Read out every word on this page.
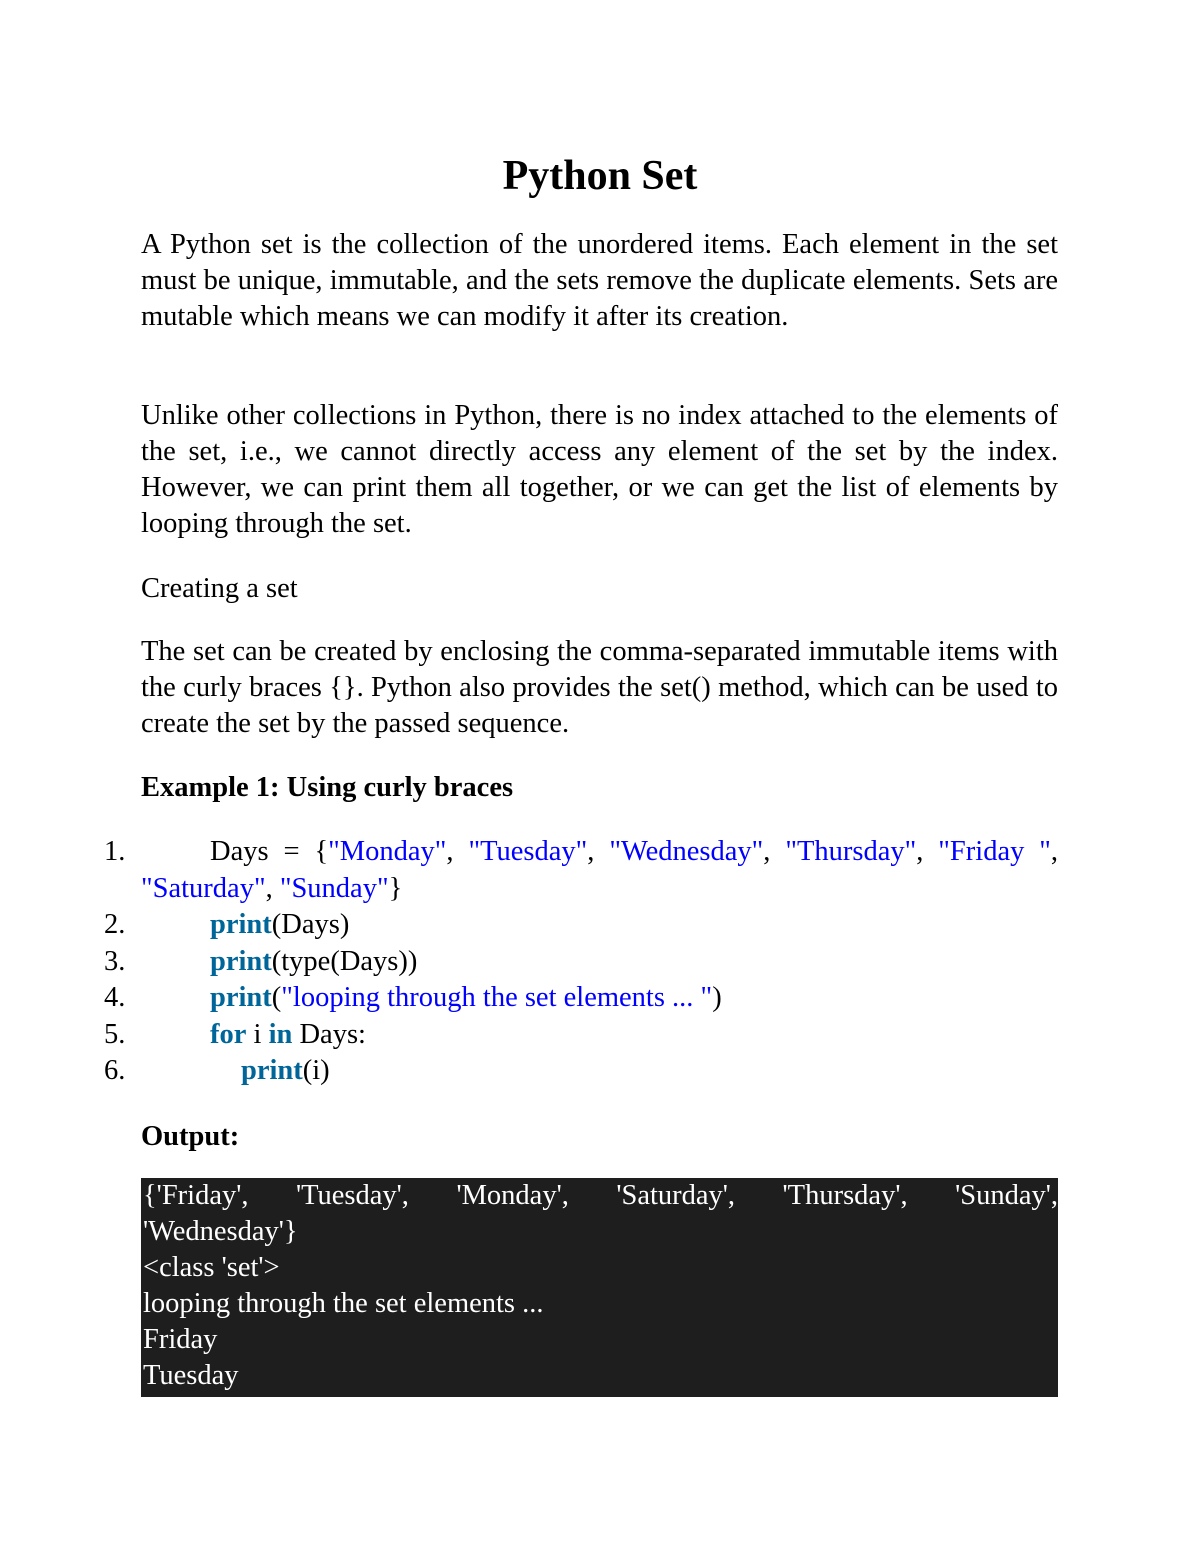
Python Set

A Python set is the collection of the unordered items. Each element in the set must be unique, immutable, and the sets remove the duplicate elements. Sets are mutable which means we can modify it after its creation.

Unlike other collections in Python, there is no index attached to the elements of the set, i.e., we cannot directly access any element of the set by the index. However, we can print them all together, or we can get the list of elements by looping through the set.

Creating a set

The set can be created by enclosing the comma-separated immutable items with the curly braces {}. Python also provides the set() method, which can be used to create the set by the passed sequence.

Example 1: Using curly braces
1.	Days = {"Monday", "Tuesday", "Wednesday", "Thursday", "Friday ", "Saturday", "Sunday"}
2.	print(Days)
3.	print(type(Days))
4.	print("looping through the set elements ... ")
5.	for i in Days:
6.	print(i)
Output:
{'Friday', 'Tuesday', 'Monday', 'Saturday', 'Thursday', 'Sunday',
'Wednesday'}
<class 'set'>
looping through the set elements ...
Friday
Tuesday
